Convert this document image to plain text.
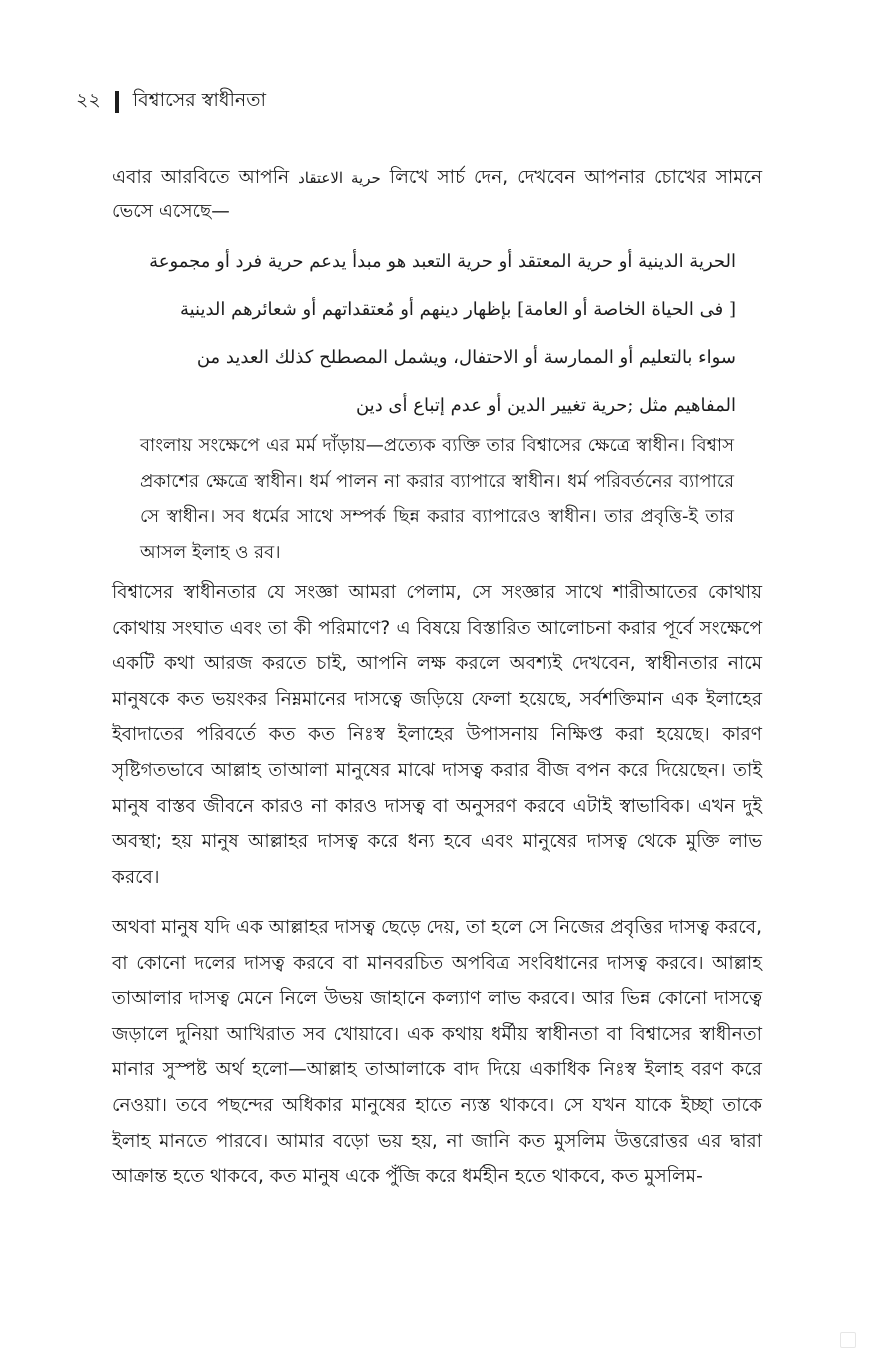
২২ বিশ্বাসের স্বাধীনতা
এবার আরবিতে আপনি حرية الاعتقاد লিখে সার্চ দেন, দেখবেন আপনার চোখের সামনে ভেসে এসেছে—
الحرية الدينية أو حرية المعتقد أو حرية التعبد هو مبدأ يدعم حرية فرد أو مجموعة [ فى الحياة الخاصة أو العامة] بإظهار دينهم أو مُعتقداتهم أو شعائرهم الدينية سواء بالتعليم أو الممارسة أو الاحتفال، ويشمل المصطلح كذلك العديد من المفاهيم مثل ;حرية تغيير الدين أو عدم إتباع أى دين
বাংলায় সংক্ষেপে এর মর্ম দাঁড়ায়—প্রত্যেক ব্যক্তি তার বিশ্বাসের ক্ষেত্রে স্বাধীন। বিশ্বাস প্রকাশের ক্ষেত্রে স্বাধীন। ধর্ম পালন না করার ব্যাপারে স্বাধীন। ধর্ম পরিবর্তনের ব্যাপারে সে স্বাধীন। সব ধর্মের সাথে সম্পর্ক ছিন্ন করার ব্যাপারেও স্বাধীন। তার প্রবৃত্তি-ই তার আসল ইলাহ ও রব।
বিশ্বাসের স্বাধীনতার যে সংজ্ঞা আমরা পেলাম, সে সংজ্ঞার সাথে শারীআতের কোথায় কোথায় সংঘাত এবং তা কী পরিমাণে? এ বিষয়ে বিস্তারিত আলোচনা করার পূর্বে সংক্ষেপে একটি কথা আরজ করতে চাই, আপনি লক্ষ করলে অবশ্যই দেখবেন, স্বাধীনতার নামে মানুষকে কত ভয়ংকর নিম্নমানের দাসত্বে জড়িয়ে ফেলা হয়েছে, সর্বশক্তিমান এক ইলাহের ইবাদাতের পরিবর্তে কত কত নিঃস্ব ইলাহের উপাসনায় নিক্ষিপ্ত করা হয়েছে। কারণ সৃষ্টিগতভাবে আল্লাহ তাআলা মানুষের মাঝে দাসত্ব করার বীজ বপন করে দিয়েছেন। তাই মানুষ বাস্তব জীবনে কারও না কারও দাসত্ব বা অনুসরণ করবে এটাই স্বাভাবিক। এখন দুই অবস্থা; হয় মানুষ আল্লাহর দাসত্ব করে ধন্য হবে এবং মানুষের দাসত্ব থেকে মুক্তি লাভ করবে।
অথবা মানুষ যদি এক আল্লাহর দাসত্ব ছেড়ে দেয়, তা হলে সে নিজের প্রবৃত্তির দাসত্ব করবে, বা কোনো দলের দাসত্ব করবে বা মানবরচিত অপবিত্র সংবিধানের দাসত্ব করবে। আল্লাহ তাআলার দাসত্ব মেনে নিলে উভয় জাহানে কল্যাণ লাভ করবে। আর ভিন্ন কোনো দাসত্বে জড়ালে দুনিয়া আখিরাত সব খোয়াবে। এক কথায় ধর্মীয় স্বাধীনতা বা বিশ্বাসের স্বাধীনতা মানার সুস্পষ্ট অর্থ হলো—আল্লাহ তাআলাকে বাদ দিয়ে একাধিক নিঃস্ব ইলাহ বরণ করে নেওয়া। তবে পছন্দের অধিকার মানুষের হাতে ন্যস্ত থাকবে। সে যখন যাকে ইচ্ছা তাকে ইলাহ মানতে পারবে। আমার বড়ো ভয় হয়, না জানি কত মুসলিম উত্তরোত্তর এর দ্বারা আক্রান্ত হতে থাকবে, কত মানুষ একে পুঁজি করে ধর্মহীন হতে থাকবে, কত মুসলিম-
